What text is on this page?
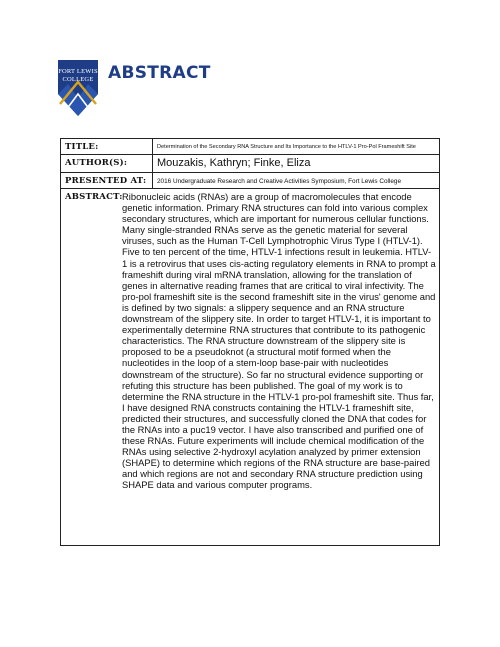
FORT LEWIS
COLLEGE ABSTRACT
TITLE:	Determination of the Secondary RNA Structure and Its Importance to the HTLV-1 Pro-Pol Frameshift Site
AUTHOR(S):	Mouzakis, Kathryn; Finke, Eliza
PRESENTED AT:	2016 Undergraduate Research and Creative Activities Symposium, Fort Lewis College
ABSTRACT: Ribonucleic acids (RNAs) are a group of macromolecules that encode genetic information. Primary RNA structures can fold into various complex secondary structures, which are important for numerous cellular functions. Many single-stranded RNAs serve as the genetic material for several viruses, such as the Human T-Cell Lymphotrophic Virus Type I (HTLV-1). Five to ten percent of the time, HTLV-1 infections result in leukemia. HTLV-1 is a retrovirus that uses cis-acting regulatory elements in RNA to prompt a frameshift during viral mRNA translation, allowing for the translation of genes in alternative reading frames that are critical to viral infectivity. The pro-pol frameshift site is the second frameshift site in the virus' genome and is defined by two signals: a slippery sequence and an RNA structure downstream of the slippery site. In order to target HTLV-1, it is important to experimentally determine RNA structures that contribute to its pathogenic characteristics. The RNA structure downstream of the slippery site is proposed to be a pseudoknot (a structural motif formed when the nucleotides in the loop of a stem-loop base-pair with nucleotides downstream of the structure). So far no structural evidence supporting or refuting this structure has been published. The goal of my work is to determine the RNA structure in the HTLV-1 pro-pol frameshift site. Thus far, I have designed RNA constructs containing the HTLV-1 frameshift site, predicted their structures, and successfully cloned the DNA that codes for the RNAs into a puc19 vector. I have also transcribed and purified one of these RNAs. Future experiments will include chemical modification of the RNAs using selective 2-hydroxyl acylation analyzed by primer extension (SHAPE) to determine which regions of the RNA structure are base-paired and which regions are not and secondary RNA structure prediction using SHAPE data and various computer programs.
